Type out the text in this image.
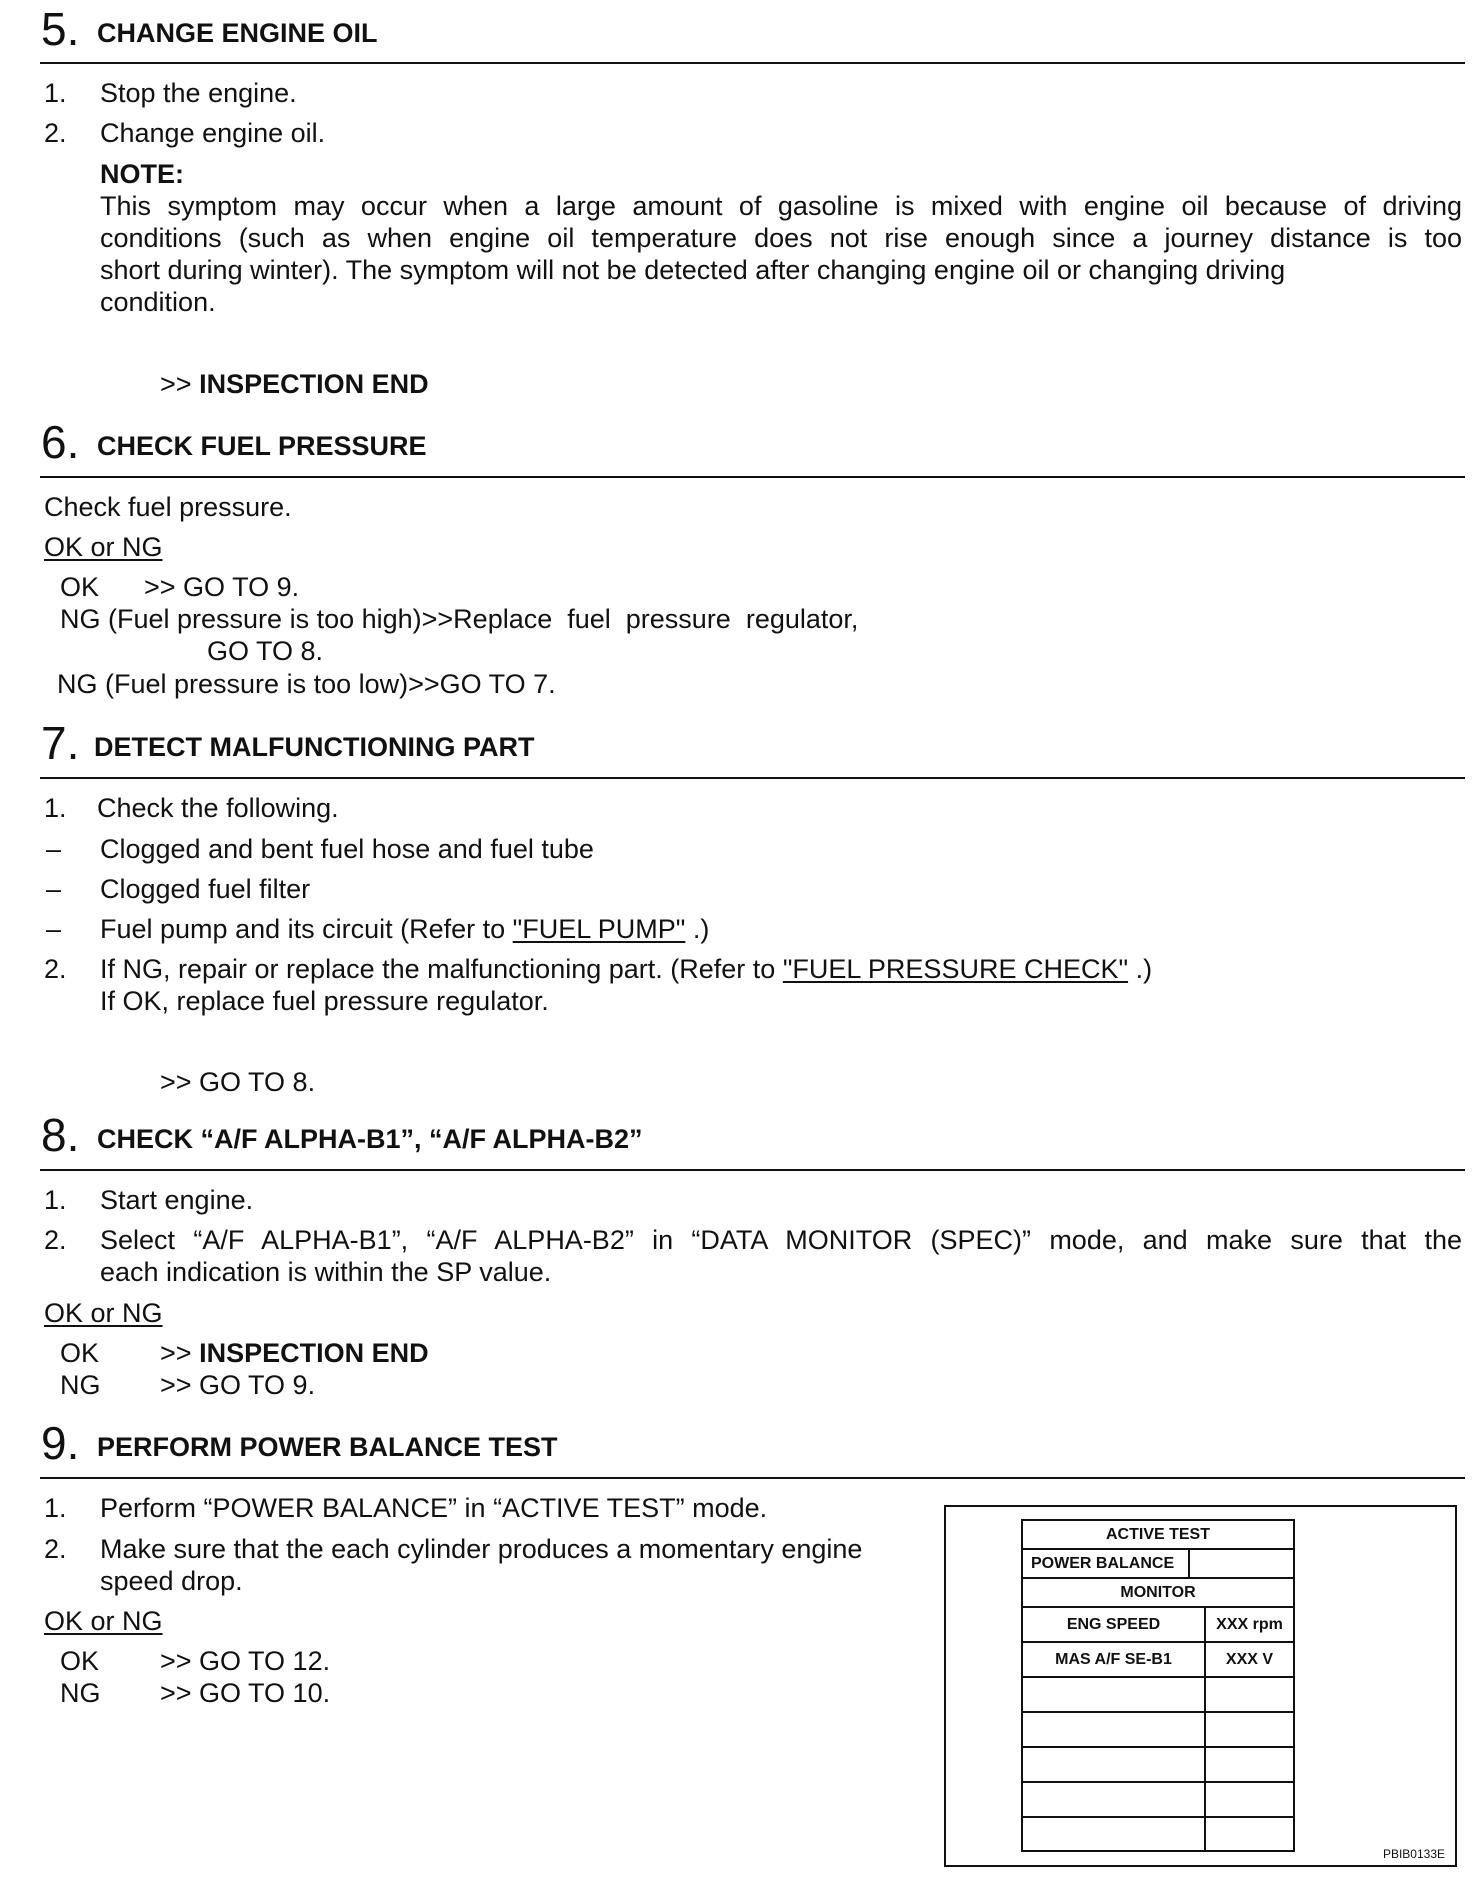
5. CHANGE ENGINE OIL
1. Stop the engine.
2. Change engine oil.
NOTE:
This symptom may occur when a large amount of gasoline is mixed with engine oil because of driving
conditions (such as when engine oil temperature does not rise enough since a journey distance is too
short during winter). The symptom will not be detected after changing engine oil or changing driving
condition.
>> INSPECTION END
6. CHECK FUEL PRESSURE
Check fuel pressure.
OK or NG
OK      >> GO TO 9.
NG (Fuel pressure is too high)>>Replace  fuel  pressure  regulator,
GO TO 8.
NG (Fuel pressure is too low)>>GO TO 7.
7. DETECT MALFUNCTIONING PART
1. Check the following.
– Clogged and bent fuel hose and fuel tube
– Clogged fuel filter
– Fuel pump and its circuit (Refer to "FUEL PUMP" .)
2. If NG, repair or replace the malfunctioning part. (Refer to "FUEL PRESSURE CHECK" .)
If OK, replace fuel pressure regulator.
>> GO TO 8.
8. CHECK “A/F ALPHA-B1”, “A/F ALPHA-B2”
1. Start engine.
2. Select “A/F ALPHA-B1”, “A/F ALPHA-B2” in “DATA MONITOR (SPEC)” mode, and make sure that the
each indication is within the SP value.
OK or NG
OK >> INSPECTION END
NG >> GO TO 9.
9. PERFORM POWER BALANCE TEST
1. Perform “POWER BALANCE” in “ACTIVE TEST” mode.
2. Make sure that the each cylinder produces a momentary engine
speed drop.
OK or NG
OK >> GO TO 12.
NG >> GO TO 10.
ACTIVE TEST
POWER BALANCE
MONITOR
ENG SPEED	XXX rpm
MAS A/F SE-B1	XXX V
PBIB0133E
